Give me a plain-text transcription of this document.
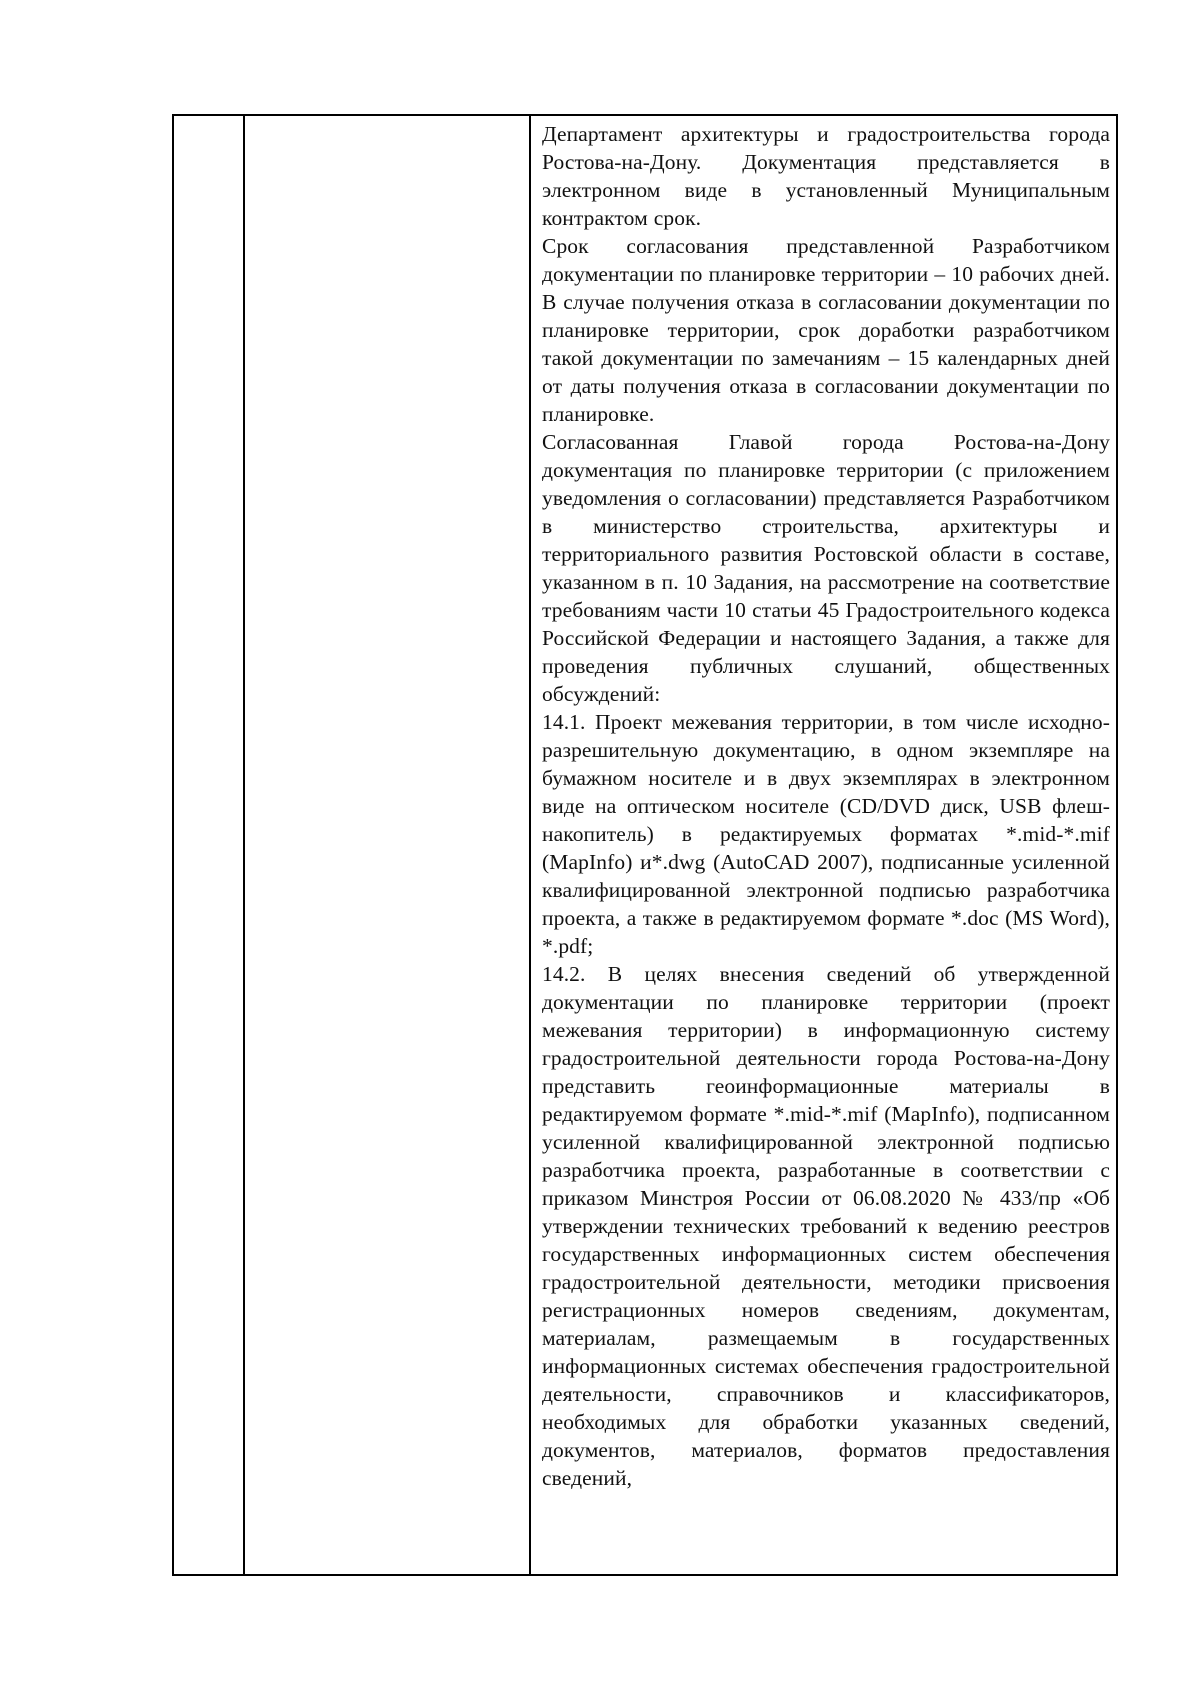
Департамент архитектуры и градостроительства города Ростова-на-Дону. Документация представляется в электронном виде в установленный Муниципальным контрактом срок.

Срок согласования представленной Разработчиком документации по планировке территории – 10 рабочих дней. В случае получения отказа в согласовании документации по планировке территории, срок доработки разработчиком такой документации по замечаниям – 15 календарных дней от даты получения отказа в согласовании документации по планировке.

Согласованная Главой города Ростова-на-Дону документация по планировке территории (с приложением уведомления о согласовании) представляется Разработчиком в министерство строительства, архитектуры и территориального развития Ростовской области в составе, указанном в п. 10 Задания, на рассмотрение на соответствие требованиям части 10 статьи 45 Градостроительного кодекса Российской Федерации и настоящего Задания, а также для проведения публичных слушаний, общественных обсуждений:

14.1. Проект межевания территории, в том числе исходно-разрешительную документацию, в одном экземпляре на бумажном носителе и в двух экземплярах в электронном виде на оптическом носителе (CD/DVD диск, USB флеш-накопитель) в редактируемых форматах *.mid-*.mif (MapInfo) и*.dwg (AutoCAD 2007), подписанные усиленной квалифицированной электронной подписью разработчика проекта, а также в редактируемом формате *.doc (MS Word), *.pdf;

14.2. В целях внесения сведений об утвержденной документации по планировке территории (проект межевания территории) в информационную систему градостроительной деятельности города Ростова-на-Дону представить геоинформационные материалы в редактируемом формате *.mid-*.mif (MapInfo), подписанном усиленной квалифицированной электронной подписью разработчика проекта, разработанные в соответствии с приказом Минстроя России от 06.08.2020 № 433/пр «Об утверждении технических требований к ведению реестров государственных информационных систем обеспечения градостроительной деятельности, методики присвоения регистрационных номеров сведениям, документам, материалам, размещаемым в государственных информационных системах обеспечения градостроительной деятельности, справочников и классификаторов, необходимых для обработки указанных сведений, документов, материалов, форматов предоставления сведений,
